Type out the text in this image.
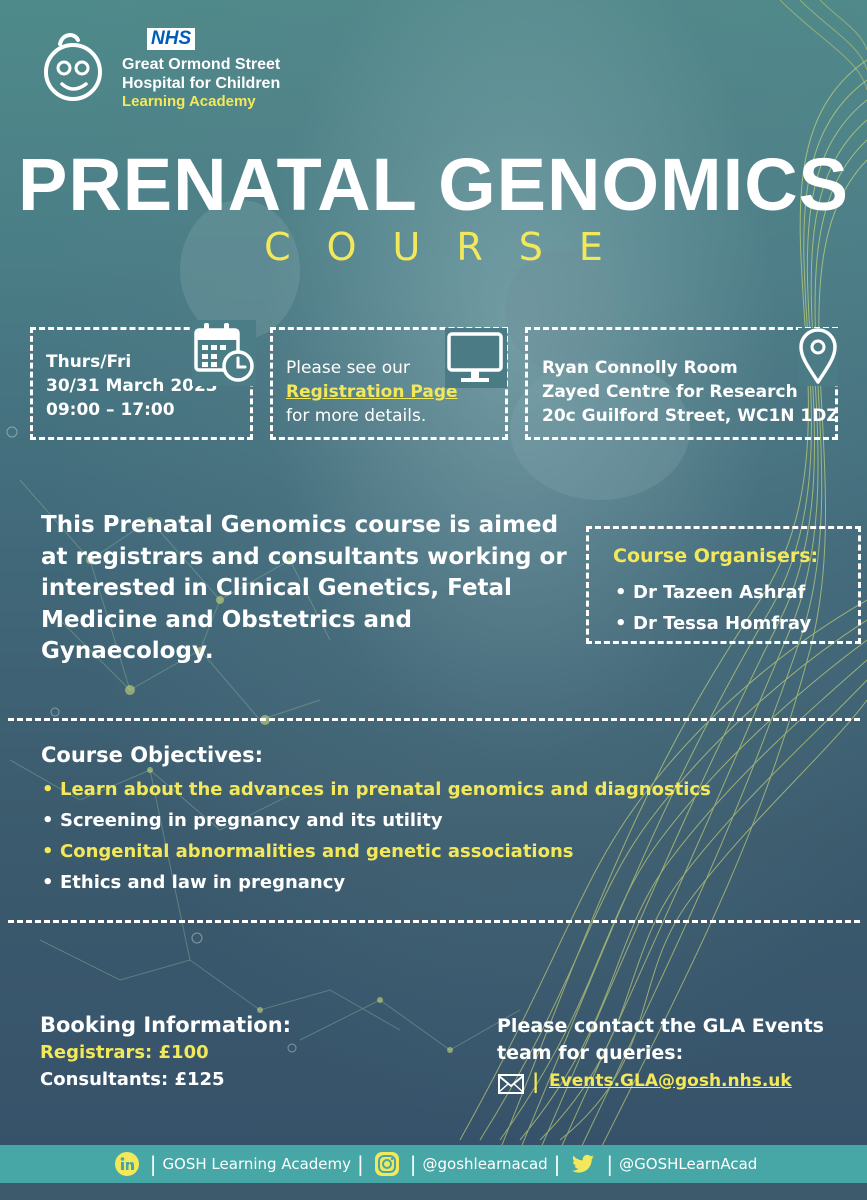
NHS
Great Ormond Street
Hospital for Children
Learning Academy
PRENATAL GENOMICS
COURSE
Thurs/Fri
30/31 March 2023
09:00 – 17:00
Please see our
Registration Page
for more details.
Ryan Connolly Room
Zayed Centre for Research
20c Guilford Street, WC1N 1DZ

This Prenatal Genomics course is aimed at registrars and consultants working or interested in Clinical Genetics, Fetal Medicine and Obstetrics and Gynaecology.

Course Organisers:
• Dr Tazeen Ashraf
• Dr Tessa Homfray
Course Objectives:
• Learn about the advances in prenatal genomics and diagnostics
• Screening in pregnancy and its utility
• Congenital abnormalities and genetic associations
• Ethics and law in pregnancy
Booking Information:
Registrars: £100
Consultants: £125
Please contact the GLA Events team for queries:
| Events.GLA@gosh.nhs.uk
| GOSH Learning Academy | | @goshlearnacad | | @GOSHLearnAcad
